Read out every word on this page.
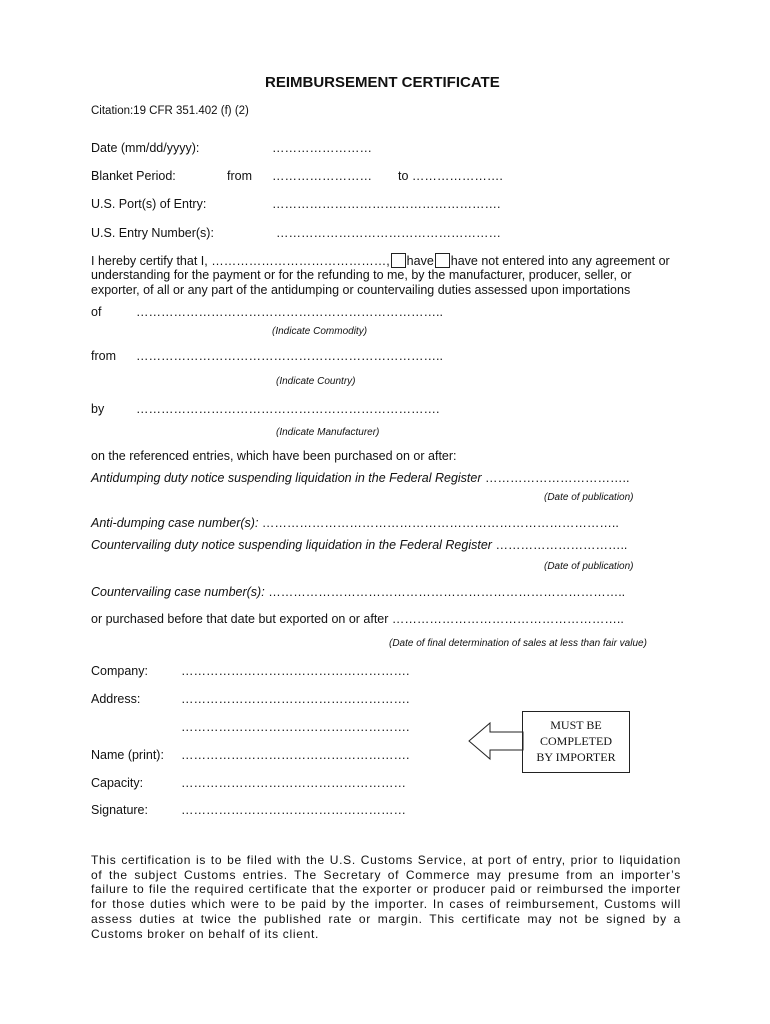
REIMBURSEMENT CERTIFICATE
Citation:19 CFR 351.402 (f) (2)
Date (mm/dd/yyyy):	……………………
Blanket Period:	from …………………… to ………………….
U.S. Port(s) of Entry:	……………………………………………….
U.S. Entry Number(s):	………………………………………………
I hereby certify that I, ……………………………………, have have not entered into any agreement or
understanding for the payment or for the refunding to me, by the manufacturer, producer, seller, or
exporter, of all or any part of the antidumping or countervailing duties assessed upon importations
of	………………………………………………………………..
(Indicate Commodity)
from ………………………………………………………………..
(Indicate Country)
by	……………………………………………………………….
(Indicate Manufacturer)
on the referenced entries, which have been purchased on or after:
Antidumping duty notice suspending liquidation in the Federal Register ……………………………..
(Date of publication)
Anti-dumping case number(s): …………………………………………………………………………..
Countervailing duty notice suspending liquidation in the Federal Register …………………………..
(Date of publication)
Countervailing case number(s): …………………………………………………………………………..
or purchased before that date but exported on or after ………………………………………………..
(Date of final determination of sales at less than fair value)
Company:	……………………………………………….
Address:	……………………………………………….
……………………………………………….
Name (print): ……………………………………………….
Capacity:	………………………………………………
Signature:	………………………………………………
MUST BE
COMPLETED
BY IMPORTER
This certification is to be filed with the U.S. Customs Service, at port of entry, prior to liquidation of the subject Customs entries. The Secretary of Commerce may presume from an importer’s failure to file the required certificate that the exporter or producer paid or reimbursed the importer for those duties which were to be paid by the importer. In cases of reimbursement, Customs will assess duties at twice the published rate or margin. This certificate may not be signed by a Customs broker on behalf of its client.
